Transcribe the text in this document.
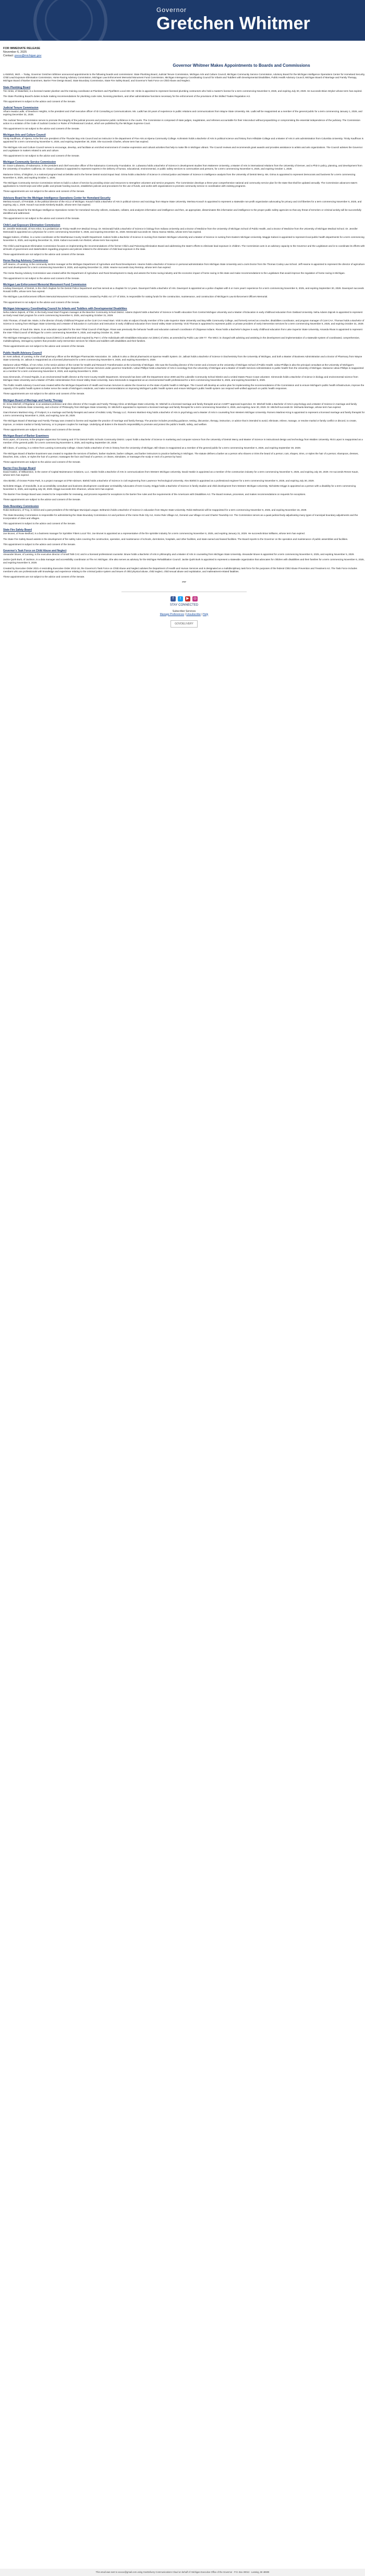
Governor
Gretchen Whitmer
FOR IMMEDIATE RELEASE
November 6, 2025
Contact: press@michigan.gov
Governor Whitmer Makes Appointments to Boards and Commissions

LANSING, Mich. -- Today, Governor Gretchen Whitmer announced appointments to the following boards and commissions: State Plumbing Board, Judicial Tenure Commission, Michigan Arts and Culture Council, Michigan Community Service Commission, Advisory Board for the Michigan Intelligence Operations Center for Homeland Security, Child Lead Exposure Elimination Commission, Horse Racing Advisory Commission, Michigan Law Enforcement Memorial Monument Fund Commission, Michigan Interagency Coordinating Council for Infants and Toddlers with Developmental Disabilities, Public Health Advisory Council, Michigan Board of Marriage and Family Therapy, Michigan Board of Barber Examiners, Barrier Free Design Board, State Boundary Commission, State Fire Safety Board, and Governor's Task Force on Child Abuse and Neglect.

State Plumbing Board

Tim Hinks, of Wakefield, is a licensed master plumber and the training coordinator at Plumbers and Pipefitters Local 333. Mr. Hinks is appointed to represent licensed plumbing contractors who hold a master's license for a term commencing November 6, 2025, and expiring July 30, 2029. He succeeds Brian Stryker whose term has expired.

The State Plumbing Board's duties include making recommendations for plumbing code rules, licensing plumbers, and other administrative functions necessary for the enforcement of the provisions of the Skilled Trades Regulation Act.

This appointment is subject to the advice and consent of the Senate.

Judicial Tenure Commission

Alham Awada Ladki, of Dearborn Heights, is the president and chief executive officer of ID Consulting & Communications. Ms. Ladki has 30 years of experience in public relations and communications from Wayne State University. Ms. Ladki will be reappointed as a member of the general public for a term commencing January 1, 2026, and expiring December 31, 2028.

The Judicial Tenure Commission serves to promote the integrity of the judicial process and preserve public confidence in the courts. The Commission is composed of state judges, magistrates, and referees accountable for their misconduct without jeopardizing or compromising the essential independence of the judiciary. The Commission action is a violation of the Code of Judicial Conduct or Rules of Professional Conduct, which are published by the Michigan Supreme Court.

This appointment is not subject to the advice and consent of the Senate.

Michigan Arts and Culture Council

Trinity Kauffman, of Alpena, is the first vice president of the Thunder Bay Arts Council and an instructor in the department of Fine Arts at Alpena Community College. Kohnstein holds a Bachelor of Arts in political science and history from Hillsdale College and a Master of Arts in arts administration from Columbia University. Trinity Kauffman is appointed for a term commencing November 6, 2025, and expiring September 30, 2028. She succeeds Charles, whose term has expired.

The Michigan Arts and Culture Council serves to encourage, develop, and facilitate an enriched environment of creative expression and cultural activities that help to make life in Michigan vibrant. The Council reviews and recommends grant awards and provides assistance to artists and arts organizations. The Council advises the Governor and Legislature in matters related to arts and culture.

This appointment is not subject to the advice and consent of the Senate.

Michigan Community Service Commission

Dr. Grace Lubwama, of Kalamazoo, is the president and chief executive officer of the Kalamazoo Community Foundation. Dr. Lubwama holds a Bachelor of Science in development studies from Makerere University, a Master of Arts in international relations from the University of Denver, and a PhD in policy, planning, and development from the University of Southern California. Dr. Grace Lubwama is appointed to represent experts in the delivery of human, educational, environmental, or public safety services to communities and persons, for a term commencing November 6, 2025, and expiring October 1, 2028.

Marianne Grima, of Brighton, is a national program lead at Deloitte and is the former Detroit social impact lead. Grima holds a Bachelor of Science in criminal justice and Master of Science in intelligence analysis from the University of Detroit Mercy. Ms. Grima is appointed to represent Democrats and business for a term commencing November 6, 2025, and expiring October 1, 2028.

The Michigan Community Service Commission strives to build a culture of service by providing vision and resources to strengthen volunteer and service programs. The Commission develops a three-year comprehensive national and community service plan for the state that shall be updated annually. The Commission advances state's applications to AmeriCorps and other public and private funding sources, establishes policies and procedures for the use of funds, and works with organizations to promote community service in coordination with existing programs.

These appointments are not subject to the advice and consent of the Senate.

Advisory Board for the Michigan Intelligence Operations Center for Homeland Security

Merissa Kovach, of Ferndale, is the political director of the ACLU of Michigan. Kovach holds a Bachelor of Arts in political science and sociology from Wayne State University. Merissa Kovach is appointed to represent a statewide non-profit organization advocating for privacy and civil liberties for a term commencing November 6, 2025, and expiring July 1, 2029. Kovach succeeds Kimberly Buddin, whose term has expired.

The Advisory Board for the Michigan Intelligence Operations Center for Homeland Security collects, evaluates, collates, and analyzes information and intelligence and then, as appropriate, disseminates this information and intelligence to the proper public safety agencies so that any threat of terrorism or criminal activity will be successfully identified and addressed.

This appointment is not subject to the advice and consent of the Senate.

Child Lead Exposure Elimination Commission

Dr. Jennifer McDonald, of Ann Arbor, is a pediatrician at Trinity Health IHA Medical Group. Dr. McDonald holds a Bachelor of Science in biology from Indiana University and a Doctor of Medicine from the University of Michigan School of Public Health, and a Doctor of Medicine from the University of Michigan Medical School. Dr. Jennifer McDonald is appointed as a physician for a term commencing November 6, 2025, and expiring December 31, 2028. McDonald succeeds Dr. Mona Hanna-Attisha, whose term has expired.

Maggie Kaboni, of Milan, is a nurse coordinator at the Washtenaw County Health Department. Kaboni holds a Bachelor of Science in nursing from Eastern Michigan University and a Master of Science in nursing from Eastern Michigan University. Maggie Kaboni is appointed to represent local public health departments for a term commencing November 6, 2025, and expiring December 31, 2028. Kaboni succeeds Ann Rietzel, whose term has expired.

The Child Lead Exposure Elimination Commission focuses on implementing the recommendations of the former Child Lead Poisoning Elimination Board and addressing the state's efforts to eliminate lead exposure in children. The Commission acts in an advisory capacity to the Governor and the Legislature and is to coordinate its efforts with all levels of government and stakeholders regarding programs and policies related to the elimination of child lead exposure in the state.

These appointments are not subject to the advice and consent of the Senate.

Horse Racing Advisory Commission

Jeff Hearne, of Lansing, is the community section manager at the Michigan Department of Agriculture and Rural Development. Hearne holds a Bachelor of Science in personal administration from Michigan State University and a Juris Doctor from the Thomas Cooley Law School. Jeff Hearne is appointed to represent the director of agriculture and rural development for a term commencing November 6, 2025, and expiring December 31, 2028. Hearne succeeds Gary Rentrop, whose term has expired.

The Horse Racing Advisory Commission was created within the Department of Agriculture and Rural Development to study and assess the horse racing industry and the economic impact of horse racing in this state and make recommendations to the Legislature that would improve the regulation of horse racing in Michigan.

This appointment is not subject to the advice and consent of the Senate.

Michigan Law Enforcement Memorial Monument Fund Commission

Lindsay Davenport, of Detroit, is the chief chaplain for the Detroit Police Department and has served as a chaplain for 12 years. Davenport holds a Bachelor of Arts. Davenport is appointed as a police chaplain with 5 or more years' experience for a term commencing November 6, 2025, and expiring September 30, 2028. Davenport succeeds Ronald Griffin, whose term has expired.

The Michigan Law Enforcement Officers Memorial Monument Fund Commission, created by Public Act 177 of 2004, is responsible for raising funds for the construction, maintenance, and construction of Michigan's Law Enforcement Officers Memorial.

This appointment is not subject to the advice and consent of the Senate.

Michigan Interagency Coordinating Council for Infants and Toddlers with Developmental Disabilities

Neha Adams Zajicek, of Flint, is the Early Head Start Program manager at the Beecher Community School District. Adams Zajicek holds a Bachelor of Science in health education from Central Michigan University and a Master of Education in early childhood education from Oakland University. Neha Adams Zajicek is appointed to represent an Early Head Start program for a term commencing November 6, 2025, and expiring October 31, 2029.

Vicki Thomas, of Sault Ste. Marie, is the director of Early Childhood Program at the CLM CAA Head Start. Vicki is also an adjunct faculty member of the Lake Superior State University and Bay Mills Community College, and formerly served as a teacher, disabilities coordinator, and program manager of CLM CAA. Thomas holds a Bachelor of Science in nursing from Michigan State University and a Master of Education in curriculum and instruction in early childhood education from Grand Valley State University. Vicki Thomas is appointed to represent public or private providers of early intervention services for a term commencing November 6, 2025, and expiring October 31, 2029.

Amanda Rivas, of Sault Ste. Marie, is an education specialist for the Inter-Tribal Council of Michigan. Rivas was previously the behavior health and education outreach coordinator of Chippewa Indians. Rivas holds a Bachelor's degree in early childhood education from Lake Superior State University. Amanda Rivas is appointed to represent the Inter-Tribal Council of Michigan for a term commencing November 6, 2025, and expiring October 31, 2029.

The Michigan Interagency Coordinating Council (MICC) is authorized and required by Part C of the Individuals with Disabilities Education Act (IDEA) of 2004, as amended by Public Law 108-77. The MICC is charged with advising and assisting in the development and implementation of a statewide system of coordinated, comprehensive, multidisciplinary, interagency system that provides early intervention services for infants and toddlers with disabilities and their families.

These appointments are not subject to the advice and consent of the Senate.

Public Health Advisory Council

Dr. Kent Jallouk, of Lansing, is the chief pharmacy officer at the Michigan Pharmacists Association. Dr. Jallouk is also a clinical pharmacist at Sparrow Health System. Dr. Jallouk holds a Bachelor of Science in biochemistry from the University of Michigan, and both a Master of Business Administration and a Doctor of Pharmacy from Wayne State University. Dr. Jallouk is reappointed as a licensed pharmacist for a term commencing November 6, 2025, and expiring November 5, 2029.

Marianne Udow-Phillips, of Ann Arbor, is the senior advisor of the Center for Health and Research Transformation at the University of Michigan. She was the founding director of the Center and a lecturer at the University of Michigan School of Public Health. Udow-Phillips is also the principal consultant at the University of Michigan's department of health management and policy and the Michigan Department of Human Services under governor Granholm. Udow-Phillips holds a Bachelor of Arts in sociology from the University of Michigan and a Master of Health Services Administration in public health from the University of Michigan. Marianne Udow-Phillips is reappointed as a member for a term commencing November 6, 2025, and expiring November 5, 2029.

Sara Simmonds, of Grand Rapids, is an environmental health director at the Kent County Health Department. Simmonds has been with the Department since 2000 and the Lakeville Community School District and a United States Peace Corps volunteer. Simmonds holds a Bachelor of Science in biology and environmental science from Michigan State University and a Master of Public Administration from Grand Valley State University. Sara Simmonds is reappointed as an environmental health professional for a term commencing November 6, 2025, and expiring November 5, 2029.

The Public Health Advisory Council was created within the Michigan Department of Health and Human Services to advise the Governor on the state of public health in Michigan. The Council will develop an action plan for implementing the recommendations of the Commission and to ensure Michigan's public health infrastructure, improve the capacity of the public health system to better serve the needs of Michigan's residents, and make recommendations on improving Michigan's public health system and ensure Michigan's public health system can respond well-unified approach on public health responses.

These appointments are not subject to the advice and consent of the Senate.

Michigan Board of Marriage and Family Therapy

Dr. Erica Mitchell, of Rigeland, is an assistant professor and clinic director of the Couple and Family Therapy Clinic at Michigan State University. Dr. Mitchell is a licensed marriage and family therapist and an AAMFT approved supervisor. Dr. Mitchell holds a Bachelor of Arts in psychology and a Master of Science in marriage and family therapy from Valdosta State University, and a Doctor of Philosophy from Michigan State University. Dr. Mitchell is appointed to represent a licensed marriage and family therapist for a term commencing November 6, 2025, and expiring June 30, 2029. Dr. Mitchell succeeds Dr. Michaela Marriage, whose term has expired.

Giani Romero Martinez-King, of Fruitport, is a marriage and family therapist and owner of Holistic Unity Therapy LLC. Romero Martinez-King holds a Bachelor of Arts in psychology and a Master of Arts in counseling from Western Michigan University. Romero Martinez-King is appointed to represent a licensed marriage and family therapist for a term commencing November 6, 2025, and expiring June 30, 2029.

The Michigan Board of Marriage and Family Therapy was created to license and regulate the practice of marriage and family therapy. The practice includes providing guidance, testing, discussion, therapy, instruction, or advice that is intended to avoid, eliminate, relieve, manage, or resolve marital or family conflict or discord, to create, improve, or restore marital or family harmony, or to prepare couples for marriage. Underlying all duties is the Board's responsibility to promote and protect the public's health, safety, and welfare.

These appointments are subject to the advice and consent of the Senate.

Michigan Board of Barber Examiners

Rick Lepez, of Corunna, is the program supervisor for training and IT for Detroit Public Schools Community District. Lepez holds a Bachelor of Science in marketing and computer science from the University of Detroit Mercy and Master of Science in instructional design and technology from Walden University. Rick Lepez is reappointed as a member of the general public for a term commencing November 6, 2025, and expiring September 30, 2029.

Bill Clearo, of Lansing, is a retiree from Lansing Community College. Clearo holds a Bachelor of Arts in history from the University of Michigan. Bill Clearo is reappointed as a member of the general public for a term commencing November 6, 2025, and expiring September 30, 2029.

The Michigan Board of Barber Examiners was created to regulate the services of barbers, barber students, barber colleges, and barber instructors to practice barbering in Michigan. The statute defines a barber as a person who shaves or trims the beard of a person; cuts, shapes, trims, or styles the hair of a person; shampoos, dresses, bleaches, tints, colors, or styles the hair of a person; massages the face and head of a person; or cleans, stimulates, or massages the scalp or neck of a person by hand.

These appointments are subject to the advice and consent of the Senate.

Barrier Free Design Board

David Haskin, of Williamston, is the owner of Capital Maintenance Solutions, LLC. Haskin holds a Bachelor of Arts in communications from Western Michigan University. David Haskin is appointed as a member of the construction industry for a term commencing November 6, 2025, and expiring July 30, 2029. He succeeds Renee Kautz, whose term has expired.

Alex Bielski, of Grosse Pointe Park, is a project manager at DTM Advisors. Bielski holds a Bachelor of Science in civil engineering from Lawrence Technological University. Alex Bielski is appointed as a professional engineer for a term commencing November 6, 2025, and expiring July 30, 2029.

Nicholette Driggs, of Grandville, is an accessibility consultant and business development coordinator at Disability Advocates of Kent County. Driggs holds a Bachelor of Science in family studies and child development from Western Michigan University. Nicholette Driggs is appointed as a person with a disability for a term commencing November 6, 2025, and expiring July 30, 2029. Driggs succeeds Erin Shannon, whose term has expired.

The Barrier Free Design Board was created to be responsible for reviewing, and process requests for exceptions to the barrier free rules and the requirements of the Americans with Disabilities Act. The Board reviews, processes, and makes recommendations on requests for exceptions.

These appointments are subject to the advice and consent of the Senate.

State Boundary Commission

Robin Beltramini, of Troy, is retired and a past president of the Michigan Municipal League. Beltramini holds a Bachelor of Science in education from Wayne State University. Robin Beltramini will be reappointed for a term commencing November 6, 2025, and expiring November 15, 2029.

The State Boundary Commission is responsible for administering the State Boundary Commission Act and portions of the Home Rule City Act, Home Rule Village Act, General Law Village Act and Charter Township Act. The Commission serves as a quasi-judicial body adjudicating many types of municipal boundary adjustments and the incorporation of cities and villages.

This appointment is subject to the advice and consent of the Senate.

State Fire Safety Board

Joe Brunet, of Rose Bedford, is a business manager for Sprinkler Fitters Local 704. Joe Brunet is appointed as a representative of the fire sprinkler industry for a term commencing November 6, 2025, and expiring January 31, 2029. He succeeds Brian Williams, whose term has expired.

The State Fire Safety Board assists in the development of fire safety rules covering the construction, operation, and maintenance of schools, dormitories, hospitals, and other facilities, and state-owned and leased facilities. The Board reports to the Governor on the operation and maintenance of public assemblies and facilities.

This appointment is subject to the advice and consent of the Senate.

Governor's Task Force on Child Abuse and Neglect

Alexander Bruee, of Lansing, is the executive director of Small Talk CAC and is a licensed professional counselor. Bruee holds a Bachelor of Arts in philosophy and a Master of Arts in counseling from Michigan State University. Alexander Bruee is appointed for a term commencing November 6, 2025, and expiring November 5, 2029.

Jackie Quirk Burk, of Jackson, is a data manager and accessibility coordinator at The Arc Michigan. She also serves as advisory for the Michigan Rehabilitation Council. Jackie Quirk Burk is appointed to represent a statewide organization that advocates for children with disabilities and their families for a term commencing November 6, 2025, and expiring November 5, 2029.

Created by Executive Order 2021-4 rescinding Executive Order 2013-18, the Governor's Task Force on Child Abuse and Neglect advises the Department of Health and Human Services and is designated as a multidisciplinary task force for the purposes of the federal Child Abuse Prevention and Treatment Act. The Task Force includes members who are professionals with knowledge and experience relating to the criminal justice system and issues of child physical abuse, child neglect, child sexual abuse and exploitation, and maltreatment-related fatalities.

These appointments are not subject to the advice and consent of the Senate.

###

f	t	▶	◎
STAY CONNECTED
Subscriber Services
Manage Preferences | Unsubscribe | Help
GOVDELIVERY
This email was sent to xxxxxx@gmail.com using GovDelivery Communications Cloud on behalf of: Michigan Executive Office of the Governor · P.O. Box 30013 · Lansing, MI 48909
